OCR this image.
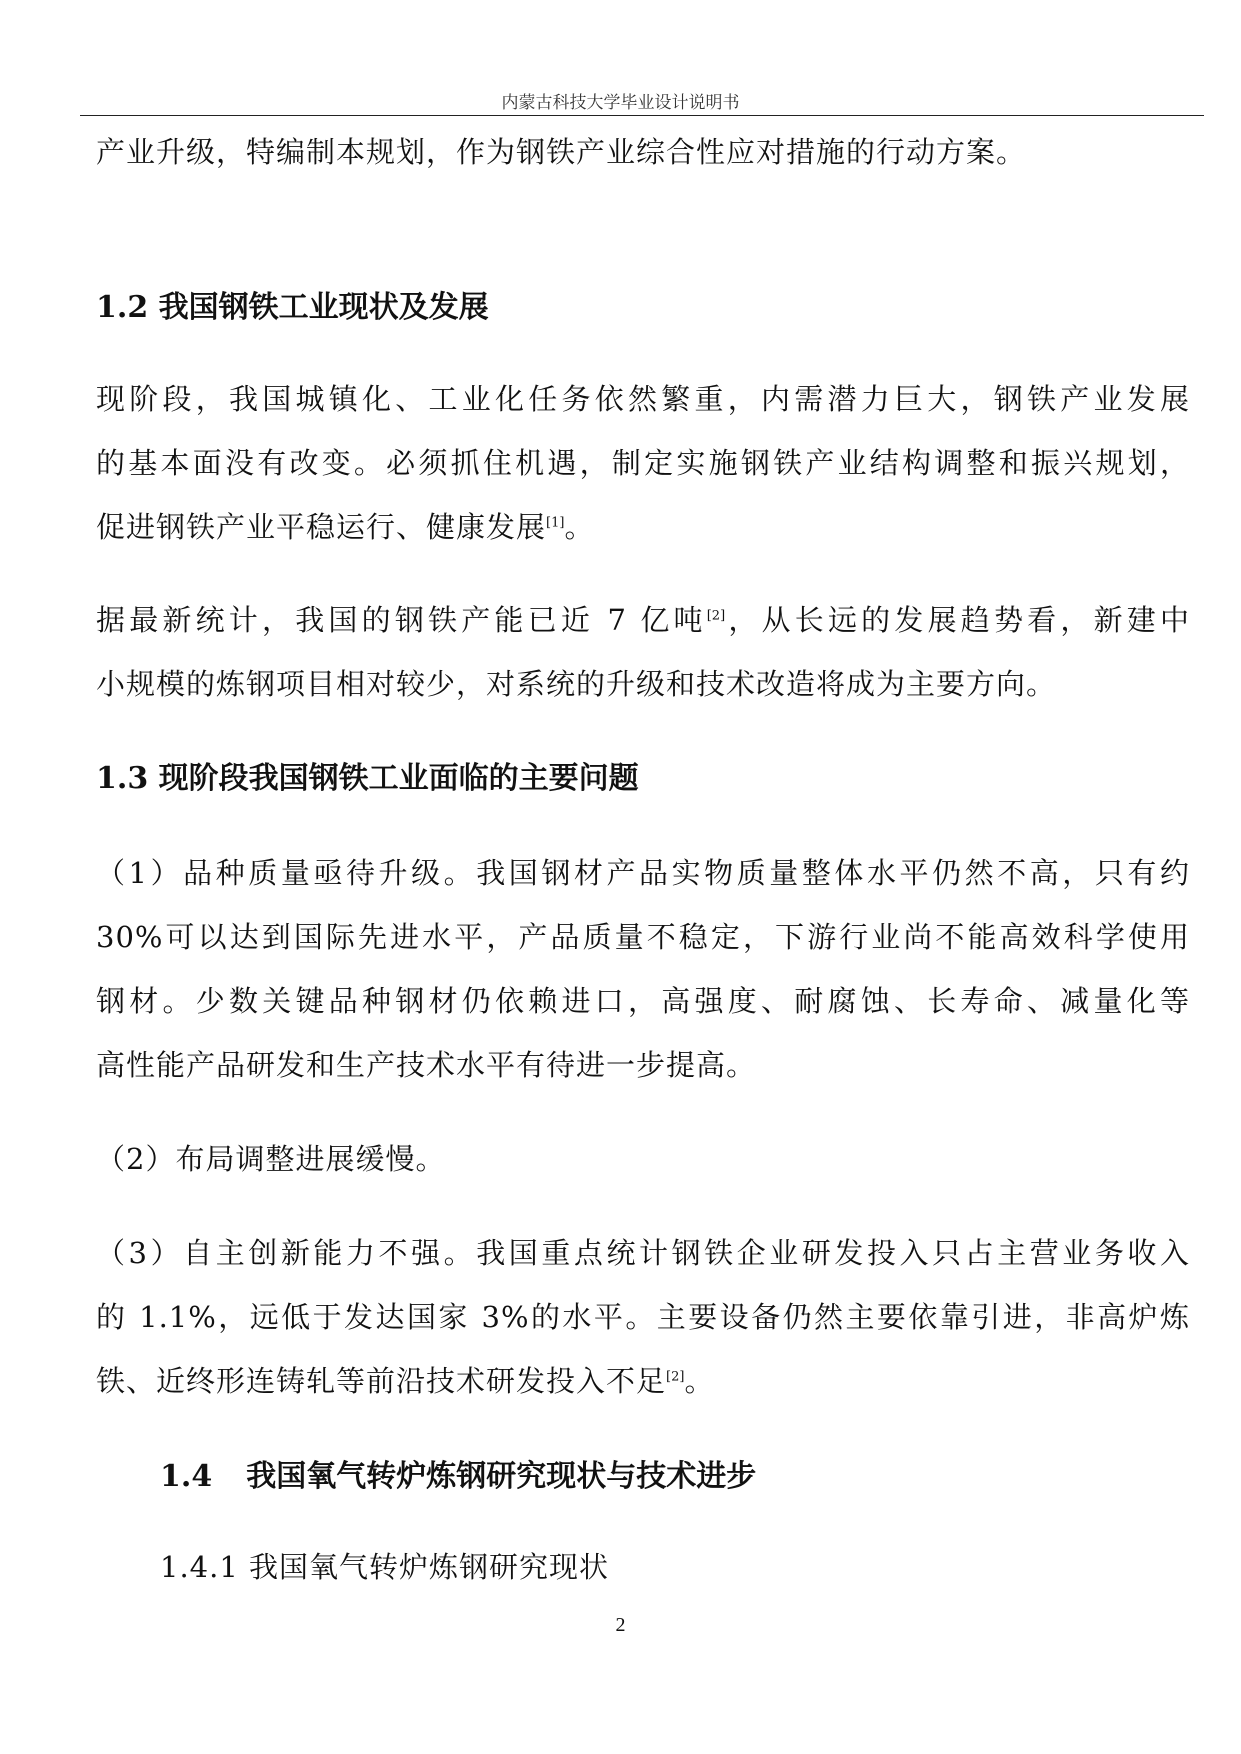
内蒙古科技大学毕业设计说明书
产业升级，特编制本规划，作为钢铁产业综合性应对措施的行动方案。
1.2 我国钢铁工业现状及发展
现阶段，我国城镇化、工业化任务依然繁重，内需潜力巨大，钢铁产业发展
的基本面没有改变。必须抓住机遇，制定实施钢铁产业结构调整和振兴规划，
促进钢铁产业平稳运行、健康发展[1]。
据最新统计，我国的钢铁产能已近 7 亿吨[2]，从长远的发展趋势看，新建中
小规模的炼钢项目相对较少，对系统的升级和技术改造将成为主要方向。
1.3 现阶段我国钢铁工业面临的主要问题
（1）品种质量亟待升级。我国钢材产品实物质量整体水平仍然不高，只有约
30%可以达到国际先进水平，产品质量不稳定，下游行业尚不能高效科学使用
钢材。少数关键品种钢材仍依赖进口，高强度、耐腐蚀、长寿命、减量化等
高性能产品研发和生产技术水平有待进一步提高。
（2）布局调整进展缓慢。
（3）自主创新能力不强。我国重点统计钢铁企业研发投入只占主营业务收入
的 1.1%，远低于发达国家 3%的水平。主要设备仍然主要依靠引进，非高炉炼
铁、近终形连铸轧等前沿技术研发投入不足[2]。
1.4 我国氧气转炉炼钢研究现状与技术进步
1.4.1 我国氧气转炉炼钢研究现状
2
